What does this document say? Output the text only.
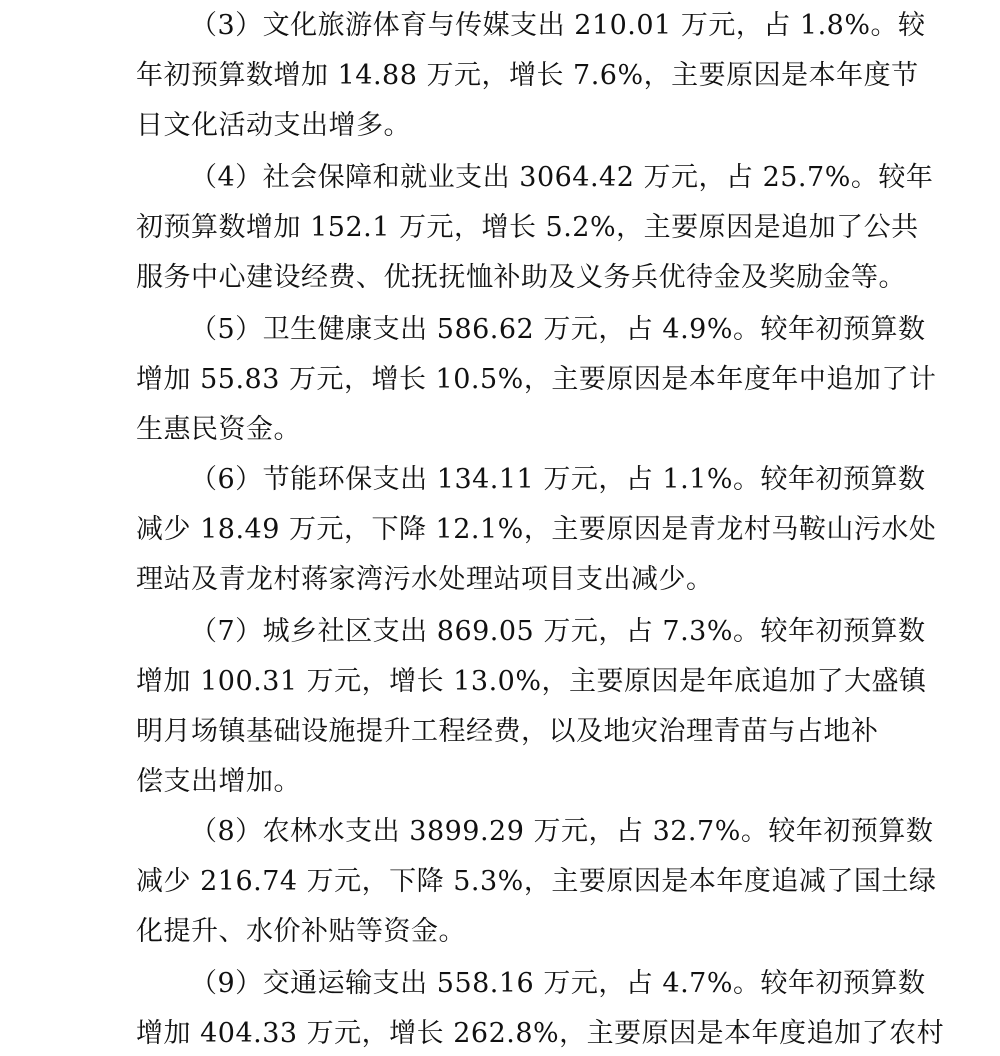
（3）文化旅游体育与传媒支出 210.01 万元，占 1.8%。较
年初预算数增加 14.88 万元，增长 7.6%，主要原因是本年度节
日文化活动支出增多。
（4）社会保障和就业支出 3064.42 万元，占 25.7%。较年
初预算数增加 152.1 万元，增长 5.2%，主要原因是追加了公共
服务中心建设经费、优抚抚恤补助及义务兵优待金及奖励金等。
（5）卫生健康支出 586.62 万元，占 4.9%。较年初预算数
增加 55.83 万元，增长 10.5%，主要原因是本年度年中追加了计
生惠民资金。
（6）节能环保支出 134.11 万元，占 1.1%。较年初预算数
减少 18.49 万元，下降 12.1%，主要原因是青龙村马鞍山污水处
理站及青龙村蒋家湾污水处理站项目支出减少。
（7）城乡社区支出 869.05 万元，占 7.3%。较年初预算数
增加 100.31 万元，增长 13.0%，主要原因是年底追加了大盛镇
明月场镇基础设施提升工程经费，以及地灾治理青苗与占地补
偿支出增加。
（8）农林水支出 3899.29 万元，占 32.7%。较年初预算数
减少 216.74 万元，下降 5.3%，主要原因是本年度追减了国土绿
化提升、水价补贴等资金。
（9）交通运输支出 558.16 万元，占 4.7%。较年初预算数
增加 404.33 万元，增长 262.8%，主要原因是本年度追加了农村
